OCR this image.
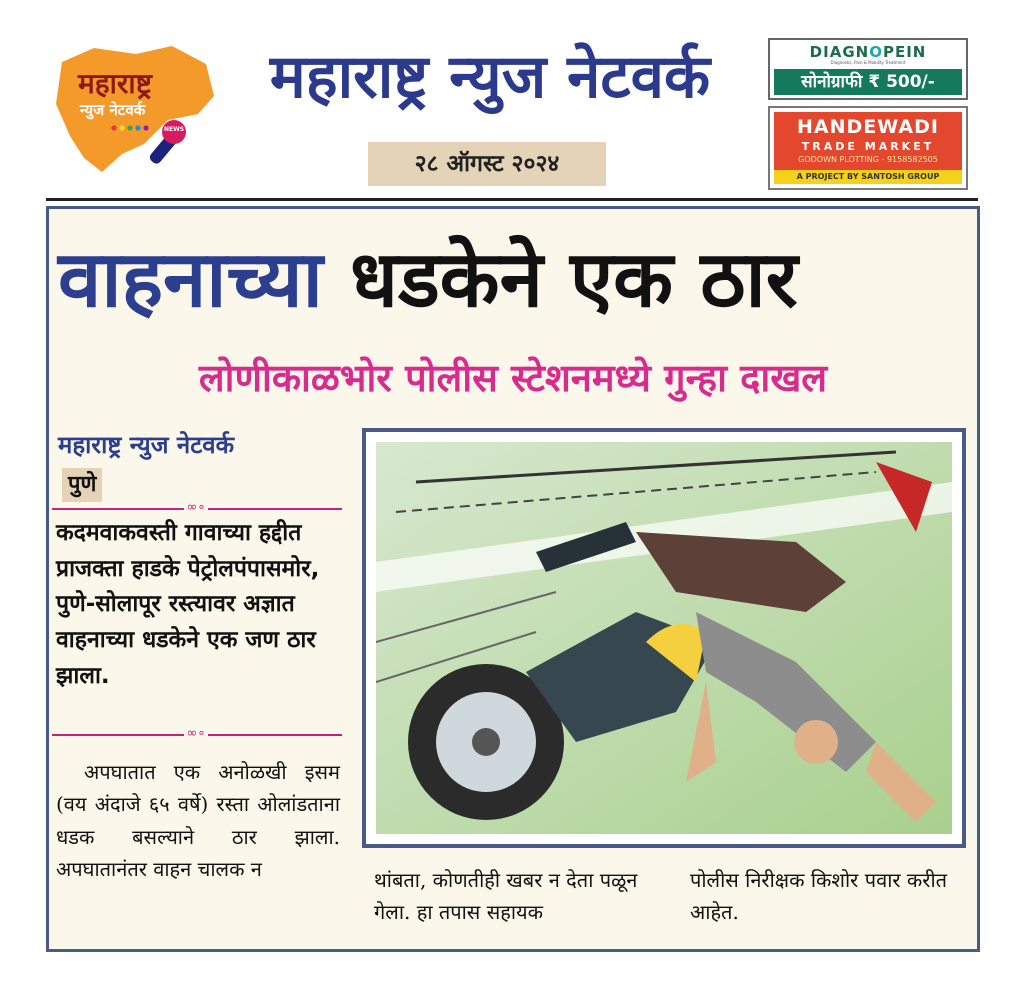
महाराष्ट्र
न्युज नेटवर्क
NEWS
महाराष्ट्र न्युज नेटवर्क
२८ ऑगस्ट २०२४
DIAGNOPEIN
Diagnostic, Pain & Mobility Treatment
सोनोग्राफी ₹ 500/-
HANDEWADI
TRADE MARKET
GODOWN PLOTTING - 9158582505
A PROJECT BY SANTOSH GROUP
वाहनाच्या धडकेने एक ठार
लोणीकाळभोर पोलीस स्टेशनमध्ये गुन्हा दाखल
महाराष्ट्र न्युज नेटवर्क
पुणे
∞∘
कदमवाकवस्ती गावाच्या हद्दीत प्राजक्ता हाडके पेट्रोलपंपासमोर, पुणे-सोलापूर रस्त्यावर अज्ञात वाहनाच्या धडकेने एक जण ठार झाला.
∞∘
अपघातात एक अनोळखी इसम (वय अंदाजे ६५ वर्षे) रस्ता ओलांडताना धडक बसल्याने ठार झाला. अपघातानंतर वाहन चालक न	थांबता, कोणतीही खबर न देता पळून गेला. हा तपास सहायक
पोलीस निरीक्षक किशोर पवार करीत आहेत.
